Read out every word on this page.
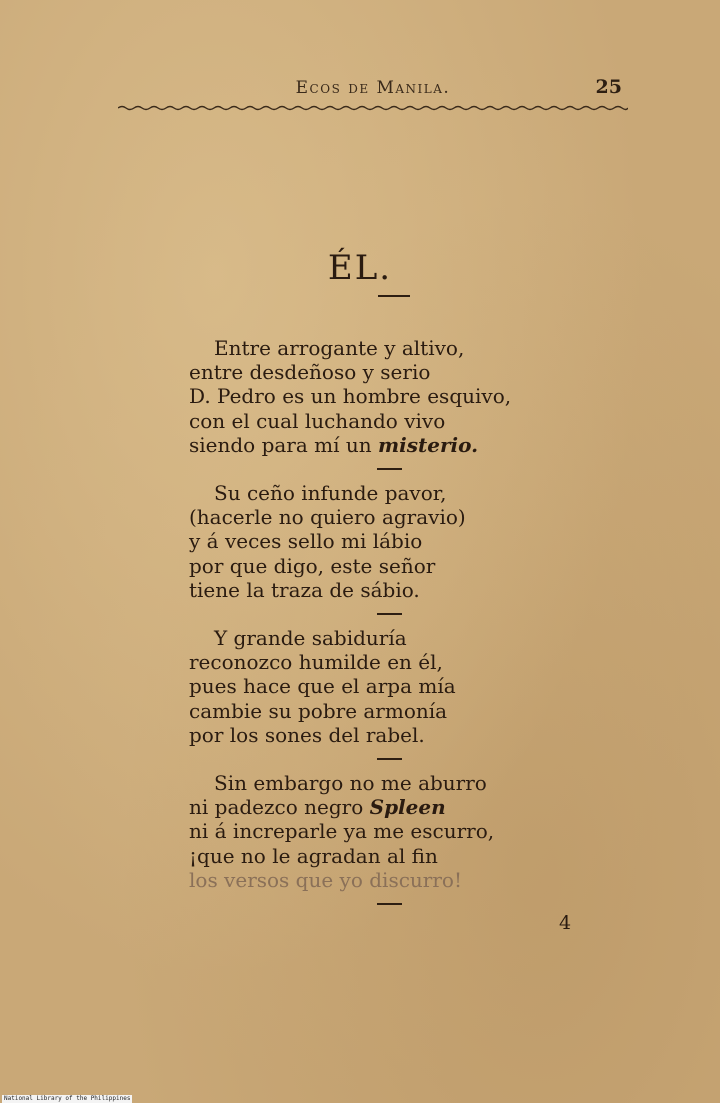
Ecos de Manila.	25
ÉL.
Entre arrogante y altivo,
entre desdeñoso y serio
D. Pedro es un hombre esquivo,
con el cual luchando vivo
siendo para mí un misterio.
Su ceño infunde pavor,
(hacerle no quiero agravio)
y á veces sello mi lábio
por que digo, este señor
tiene la traza de sábio.
Y grande sabiduría
reconozco humilde en él,
pues hace que el arpa mía
cambie su pobre armonía
por los sones del rabel.
Sin embargo no me aburro
ni padezco negro Spleen
ni á increparle ya me escurro,
¡que no le agradan al fin
los versos que yo discurro!
4
National Library of the Philippines
